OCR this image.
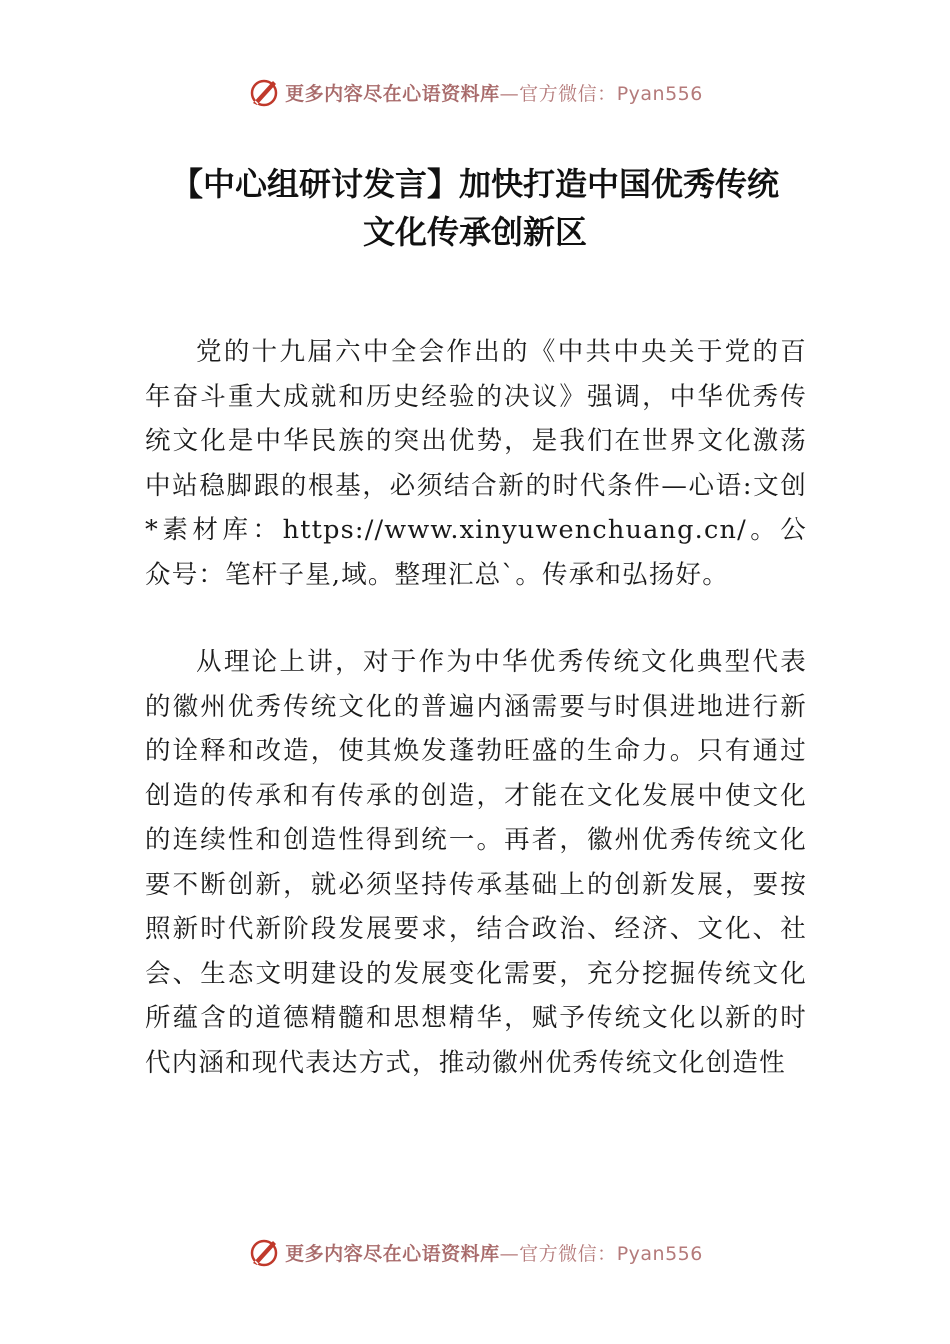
更多内容尽在心语资料库—官方微信：Pyan556
【中心组研讨发言】加快打造中国优秀传统
文化传承创新区

党的十九届六中全会作出的《中共中央关于党的百年奋斗重大成就和历史经验的决议》强调，中华优秀传统文化是中华民族的突出优势，是我们在世界文化激荡中站稳脚跟的根基，必须结合新的时代条件—心语:文创*素材库：https://www.xinyuwenchuang.cn/。公众号：笔杆子星,域。整理汇总`。传承和弘扬好。

从理论上讲，对于作为中华优秀传统文化典型代表的徽州优秀传统文化的普遍内涵需要与时俱进地进行新的诠释和改造，使其焕发蓬勃旺盛的生命力。只有通过创造的传承和有传承的创造，才能在文化发展中使文化的连续性和创造性得到统一。再者，徽州优秀传统文化要不断创新，就必须坚持传承基础上的创新发展，要按照新时代新阶段发展要求，结合政治、经济、文化、社会、生态文明建设的发展变化需要，充分挖掘传统文化所蕴含的道德精髓和思想精华，赋予传统文化以新的时代内涵和现代表达方式，推动徽州优秀传统文化创造性

更多内容尽在心语资料库—官方微信：Pyan556
